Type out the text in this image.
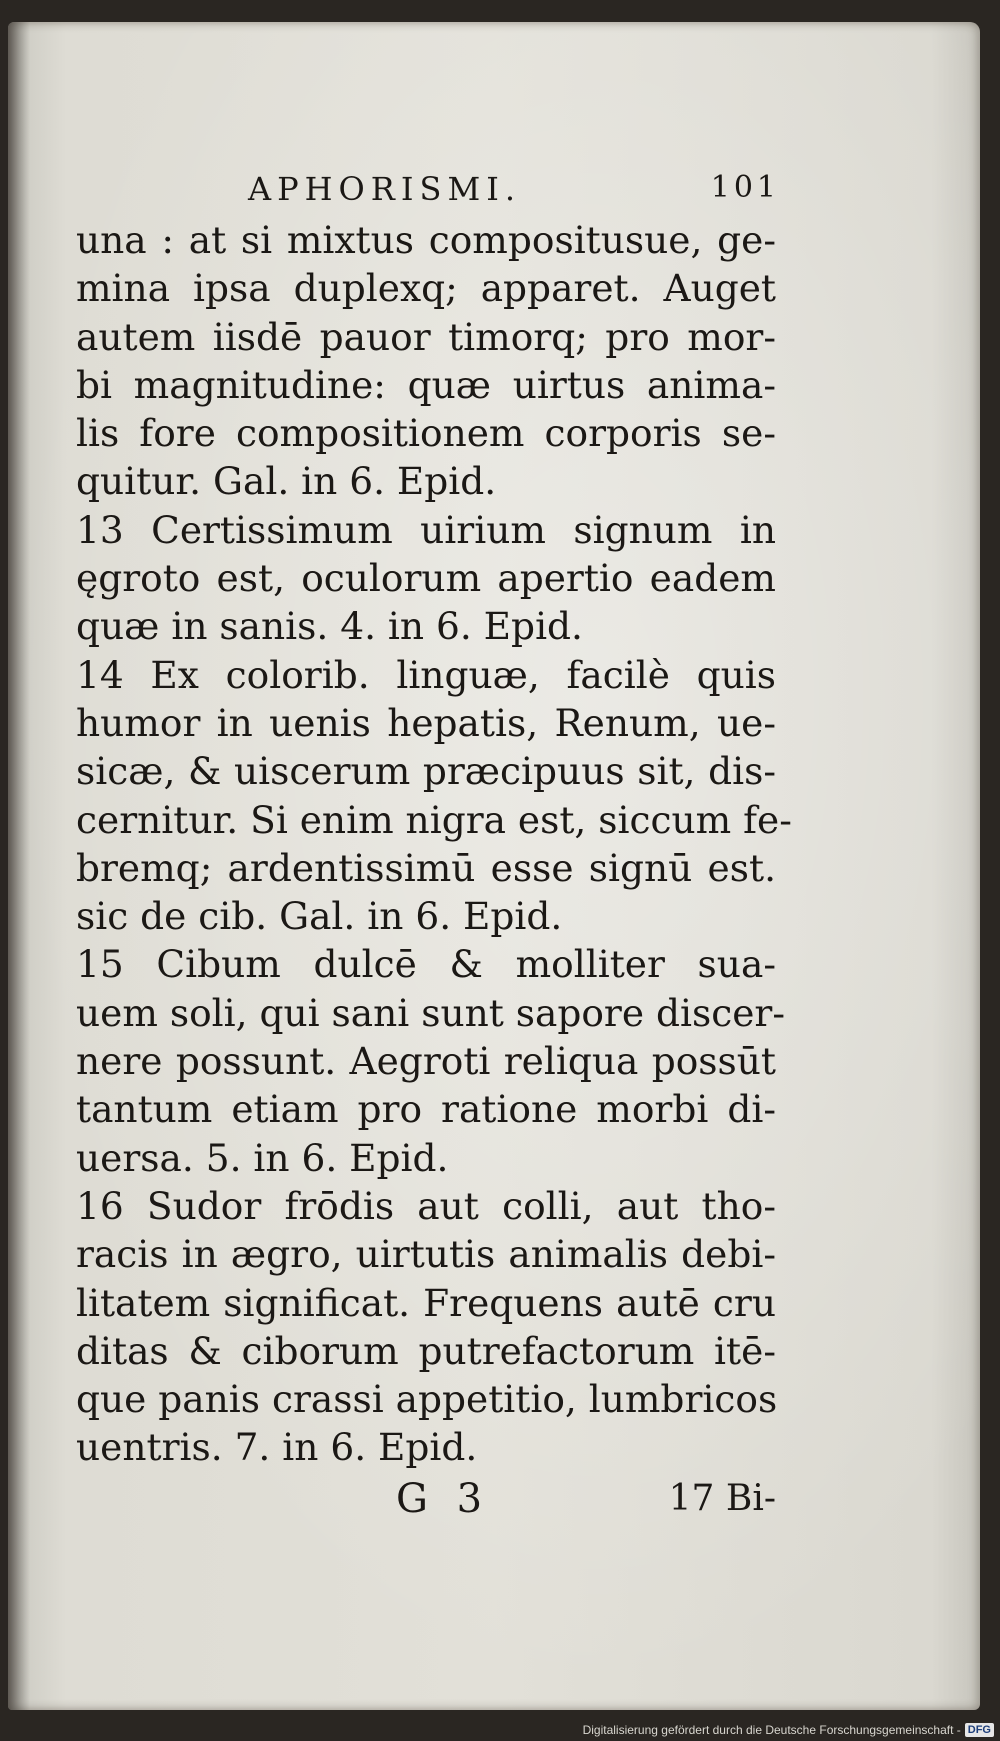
APHORISMI.	101
una : at si mixtus compositusue, ge-
mina ipsa duplexq; apparet. Auget
autem iisdē pauor timorq; pro mor-
bi magnitudine: quæ uirtus anima-
lis fore compositionem corporis se-
quitur. Gal. in 6. Epid.
13 Certissimum uirium signum in
ęgroto est, oculorum apertio eadem
quæ in sanis. 4. in 6. Epid.
14 Ex colorib. linguæ, facilè quis
humor in uenis hepatis, Renum, ue-
sicæ, & uiscerum præcipuus sit, dis-
cernitur. Si enim nigra est, siccum fe-
bremq; ardentissimū esse signū est.
sic de cib. Gal. in 6. Epid.
15 Cibum dulcē & molliter sua-
uem soli, qui sani sunt sapore discer-
nere possunt. Aegroti reliqua possūt
tantum etiam pro ratione morbi di-
uersa. 5. in 6. Epid.
16 Sudor frōdis aut colli, aut tho-
racis in ægro, uirtutis animalis debi-
litatem significat. Frequens autē cru
ditas & ciborum putrefactorum itē-
que panis crassi appetitio, lumbricos
uentris. 7. in 6. Epid.
G 3	17 Bi-
Digitalisierung gefördert durch die Deutsche Forschungsgemeinschaft - DFG
